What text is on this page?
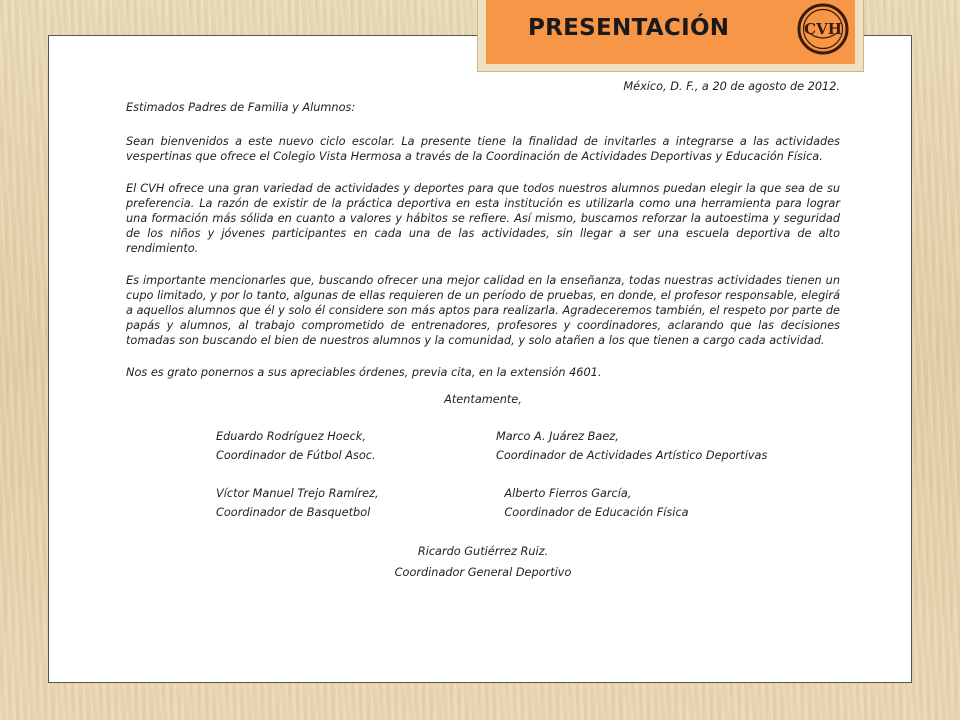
PRESENTACIÓN	CVH

México, D. F., a 20 de agosto de 2012.

Estimados Padres de Familia y Alumnos:

Sean bienvenidos a este nuevo ciclo escolar. La presente tiene la finalidad de invitarles a integrarse a las actividades vespertinas que ofrece el Colegio Vista Hermosa a través de la Coordinación de Actividades Deportivas y Educación Física.

El CVH ofrece una gran variedad de actividades y deportes para que todos nuestros alumnos puedan elegir la que sea de su preferencia. La razón de existir de la práctica deportiva en esta institución es utilizarla como una herramienta para lograr una formación más sólida en cuanto a valores y hábitos se refiere. Así mismo, buscamos reforzar la autoestima y seguridad de los niños y jóvenes participantes en cada una de las actividades, sin llegar a ser una escuela deportiva de alto rendimiento.

Es importante mencionarles que, buscando ofrecer una mejor calidad en la enseñanza, todas nuestras actividades tienen un cupo limitado, y por lo tanto, algunas de ellas requieren de un período de pruebas, en donde, el profesor responsable, elegirá a aquellos alumnos que él y solo él considere son más aptos para realizarla. Agradeceremos también, el respeto por parte de papás y alumnos, al trabajo comprometido de entrenadores, profesores y coordinadores, aclarando que las decisiones tomadas son buscando el bien de nuestros alumnos y la comunidad, y solo atañen a los que tienen a cargo cada actividad.

Nos es grato ponernos a sus apreciables órdenes, previa cita, en la extensión 4601.

Atentamente,

Eduardo Rodríguez Hoeck,
Coordinador de Fútbol Asoc.
Marco A. Juárez Baez,
Coordinador de Actividades Artístico Deportivas
Víctor Manuel Trejo Ramírez,
Coordinador de Basquetbol
Alberto Fierros García,
Coordinador de Educación Física
Ricardo Gutiérrez Ruiz.
Coordinador General Deportivo
